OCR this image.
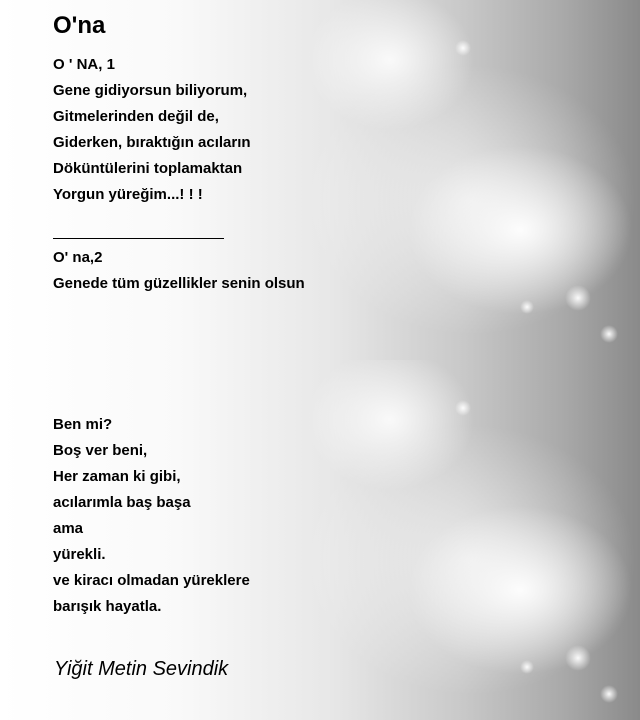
O'na
O ' NA, 1
Gene gidiyorsun biliyorum,
Gitmelerinden değil de,
Giderken, bıraktığın acıların
Döküntülerini toplamaktan
Yorgun yüreğim...! ! !
O' na,2
Genede tüm güzellikler senin olsun
Ben mi?
Boş ver beni,
Her zaman ki gibi,
acılarımla baş başa
ama
yürekli.
ve kiracı olmadan yüreklere
barışık hayatla.
Yiğit Metin Sevindik
